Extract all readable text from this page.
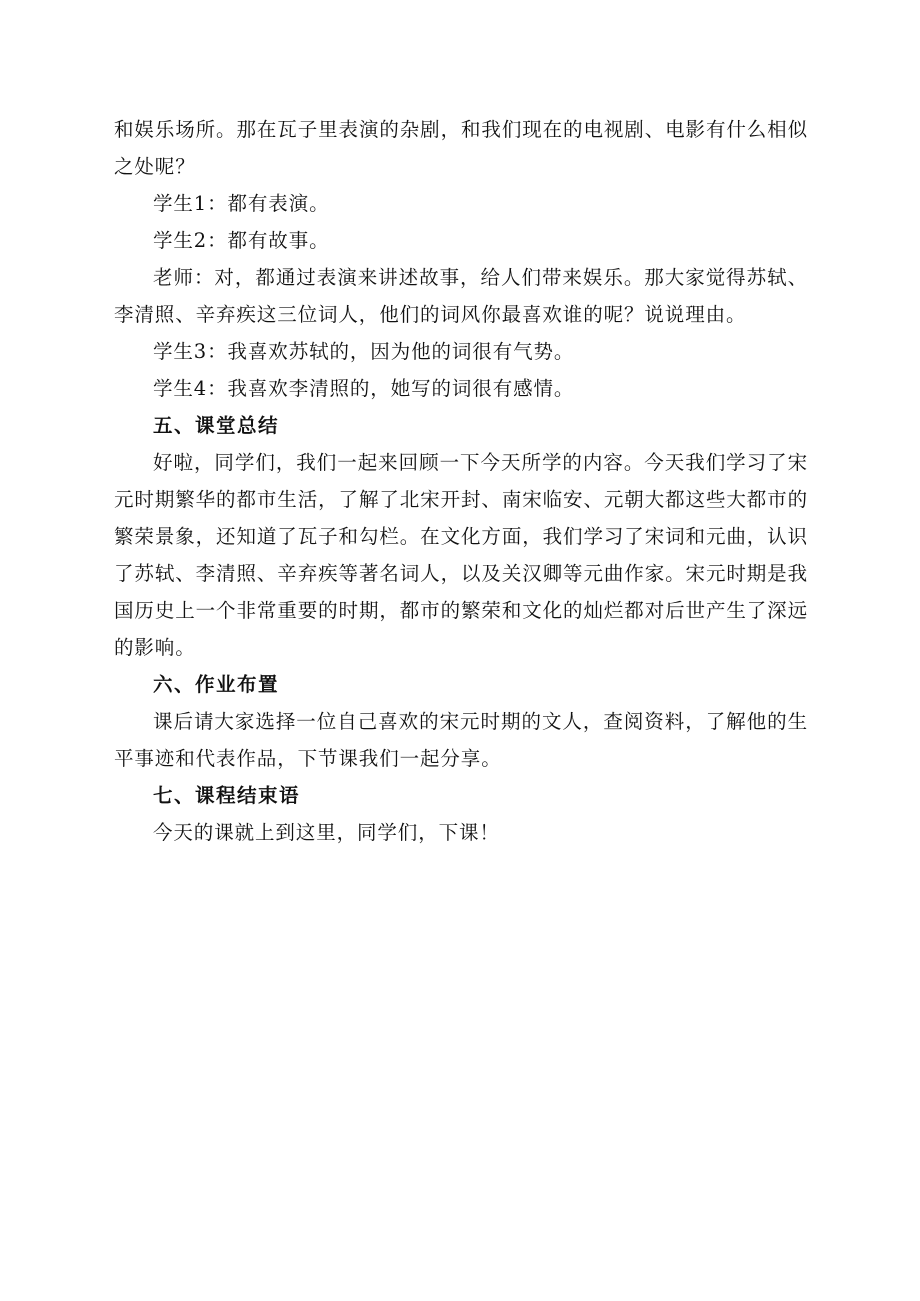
和娱乐场所。那在瓦子里表演的杂剧，和我们现在的电视剧、电影有什么相似之处呢？

学生1：都有表演。

学生2：都有故事。

老师：对，都通过表演来讲述故事，给人们带来娱乐。那大家觉得苏轼、李清照、辛弃疾这三位词人，他们的词风你最喜欢谁的呢？说说理由。

学生3：我喜欢苏轼的，因为他的词很有气势。

学生4：我喜欢李清照的，她写的词很有感情。

五、课堂总结

好啦，同学们，我们一起来回顾一下今天所学的内容。今天我们学习了宋元时期繁华的都市生活，了解了北宋开封、南宋临安、元朝大都这些大都市的繁荣景象，还知道了瓦子和勾栏。在文化方面，我们学习了宋词和元曲，认识了苏轼、李清照、辛弃疾等著名词人，以及关汉卿等元曲作家。宋元时期是我国历史上一个非常重要的时期，都市的繁荣和文化的灿烂都对后世产生了深远的影响。

六、作业布置

课后请大家选择一位自己喜欢的宋元时期的文人，查阅资料，了解他的生平事迹和代表作品，下节课我们一起分享。

七、课程结束语

今天的课就上到这里，同学们，下课！
